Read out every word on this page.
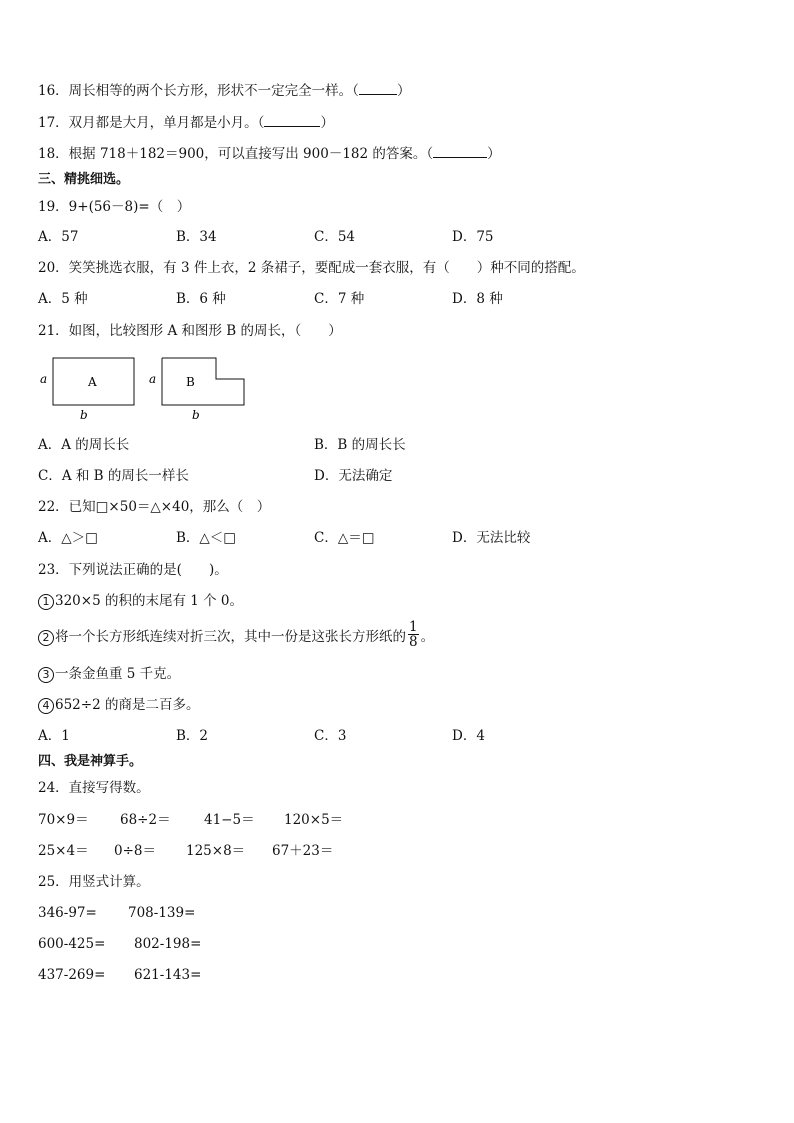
16．周长相等的两个长方形，形状不一定完全一样。（	）
17．双月都是大月，单月都是小月。（	）
18．根据 718＋182＝900，可以直接写出 900－182 的答案。（	）
三、精挑细选。
19．9+(56－8)=（　）
A．57	B．34	C．54	D．75
20．笑笑挑选衣服，有 3 件上衣，2 条裙子，要配成一套衣服，有（　　）种不同的搭配。
A．5 种	B．6 种	C．7 种	D．8 种
21．如图，比较图形 A 和图形 B 的周长，（　　）
a	A
b
a B
b
A．A 的周长长	B．B 的周长长
C．A 和 B 的周长一样长	D．无法确定
22．已知□×50＝△×40，那么（　）
A．△＞□	B．△＜□	C．△＝□	D．无法比较
23．下列说法正确的是(　　)。
1 320×5 的积的末尾有 1 个 0。
2 将一个长方形纸连续对折三次，其中一份是这张长方形纸的 $\frac{1}{8}$ 。
3 一条金鱼重 5 千克。
4 652÷2 的商是二百多。
A．1	B．2	C．3	D．4
四、我是神算手。
24．直接写得数。
70×9＝ 68÷2＝ 41−5＝ 120×5＝
25×4＝ 0÷8＝ 125×8＝ 67＋23＝
25．用竖式计算。
346-97= 708-139=
600-425= 802-198=
437-269= 621-143=
